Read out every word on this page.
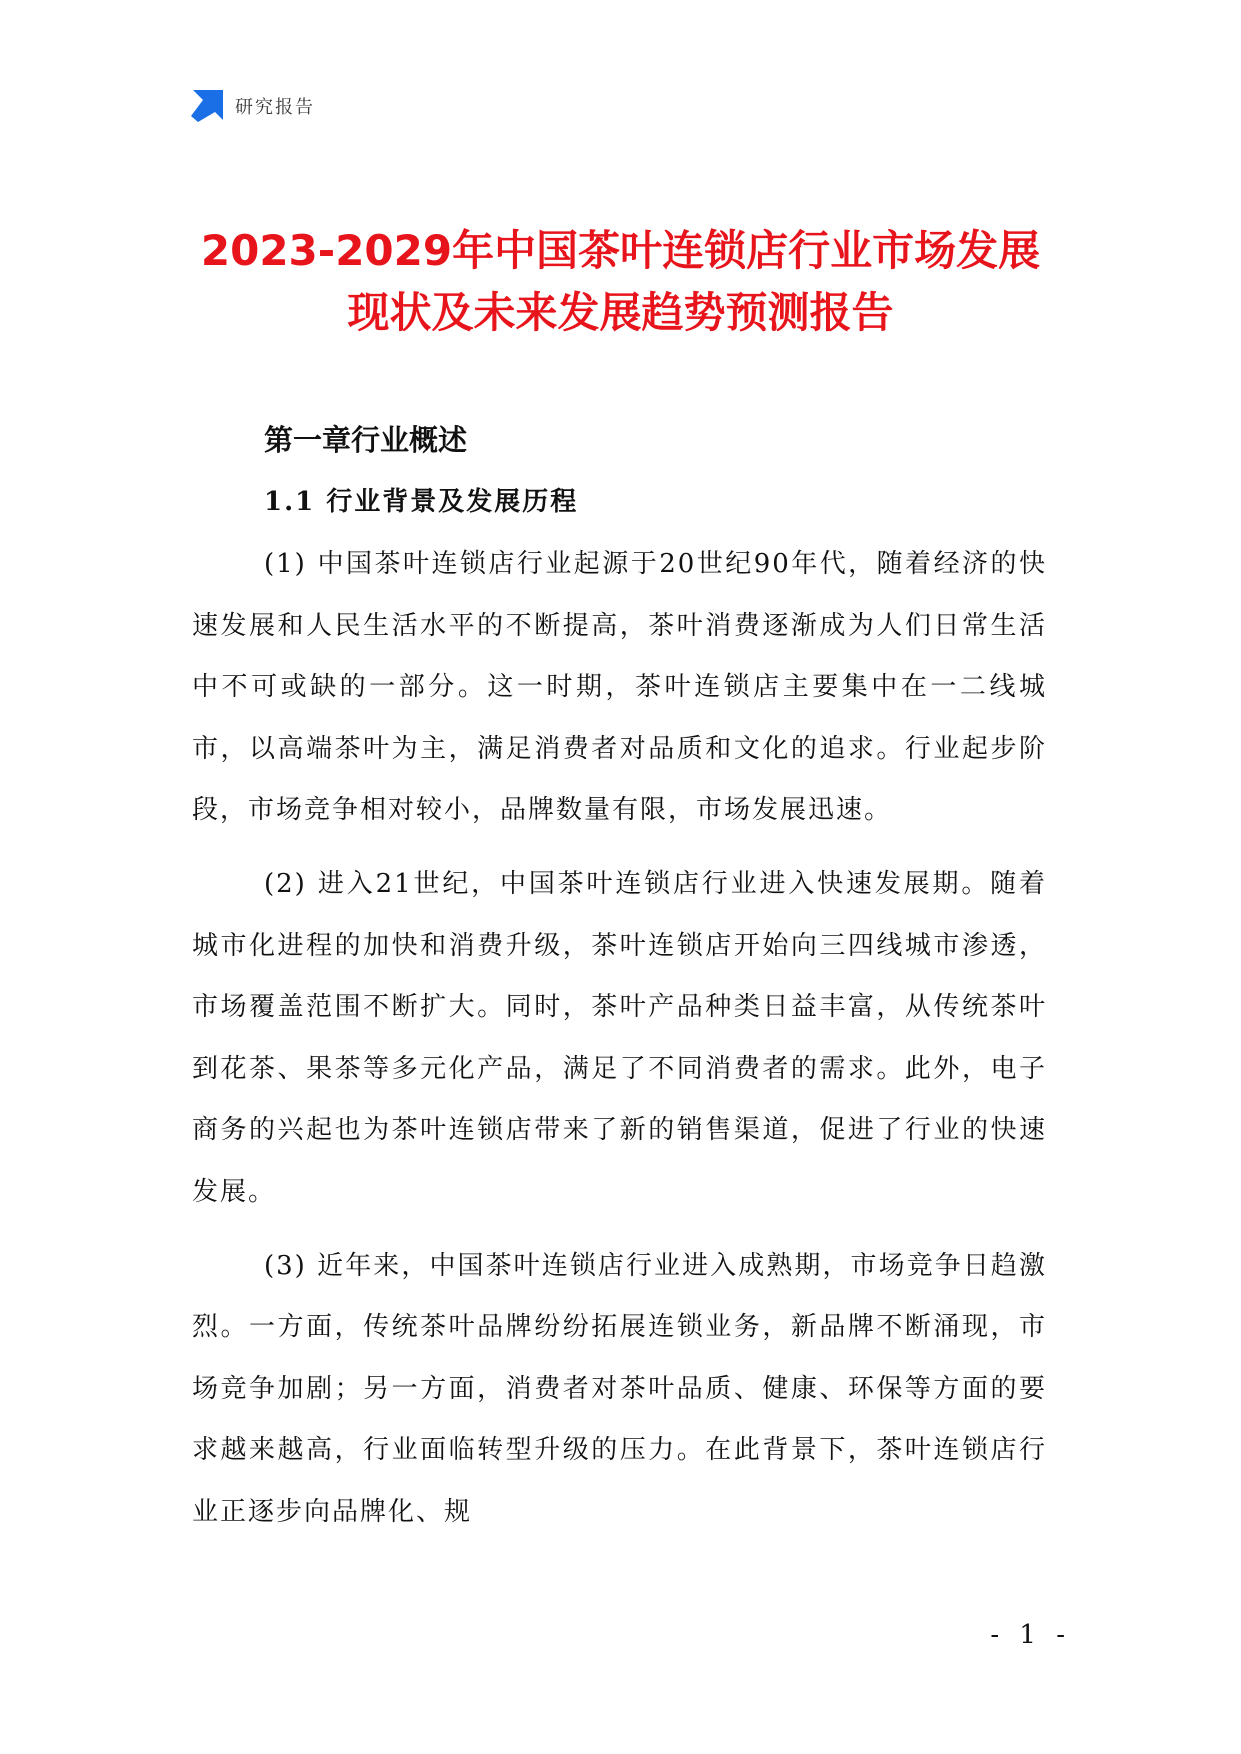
研究报告
2023-2029年中国茶叶连锁店行业市场发展
现状及未来发展趋势预测报告
第一章行业概述
1.1 行业背景及发展历程

(1) 中国茶叶连锁店行业起源于20世纪90年代，随着经济的快速发展和人民生活水平的不断提高，茶叶消费逐渐成为人们日常生活中不可或缺的一部分。这一时期，茶叶连锁店主要集中在一二线城市，以高端茶叶为主，满足消费者对品质和文化的追求。行业起步阶段，市场竞争相对较小，品牌数量有限，市场发展迅速。

(2) 进入21世纪，中国茶叶连锁店行业进入快速发展期。随着城市化进程的加快和消费升级，茶叶连锁店开始向三四线城市渗透，市场覆盖范围不断扩大。同时，茶叶产品种类日益丰富，从传统茶叶到花茶、果茶等多元化产品，满足了不同消费者的需求。此外，电子商务的兴起也为茶叶连锁店带来了新的销售渠道，促进了行业的快速发展。

(3) 近年来，中国茶叶连锁店行业进入成熟期，市场竞争日趋激烈。一方面，传统茶叶品牌纷纷拓展连锁业务，新品牌不断涌现，市场竞争加剧；另一方面，消费者对茶叶品质、健康、环保等方面的要求越来越高，行业面临转型升级的压力。在此背景下，茶叶连锁店行业正逐步向品牌化、规

- 1 -
